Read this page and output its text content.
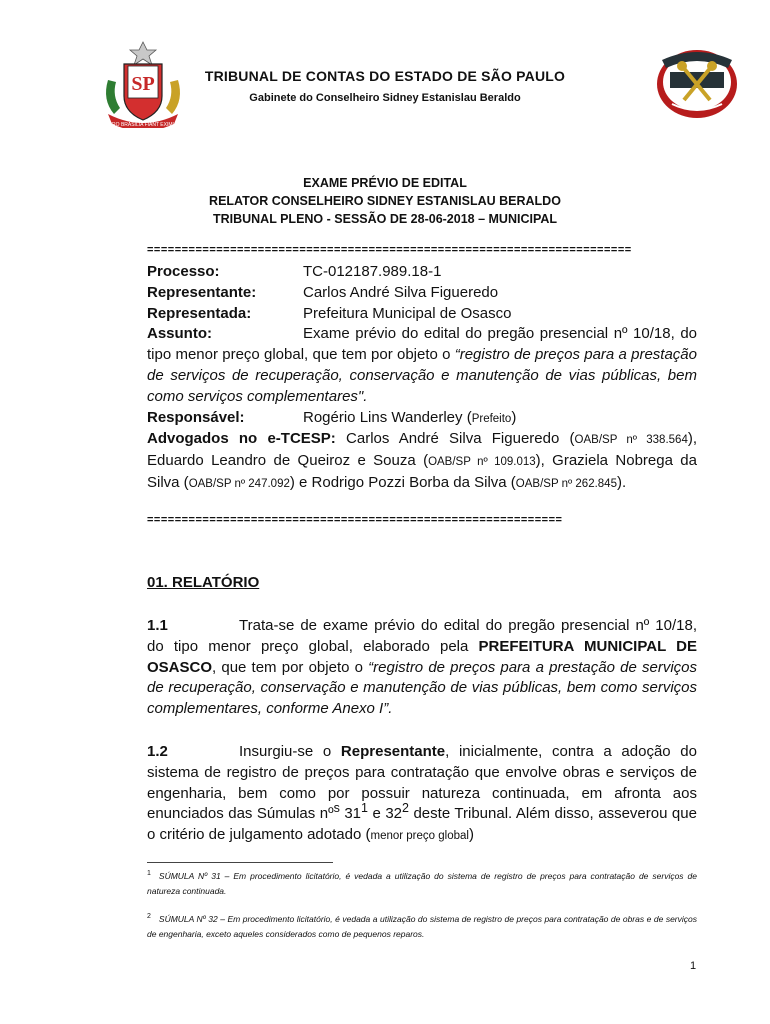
SP
PRO BRASILIA FIANT EXIMIA
TRIBUNAL DE CONTAS DO ESTADO DE SÃO PAULO
Gabinete do Conselheiro Sidney Estanislau Beraldo
EXAME PRÉVIO DE EDITAL
RELATOR CONSELHEIRO SIDNEY ESTANISLAU BERALDO
TRIBUNAL PLENO - SESSÃO DE 28-06-2018 – MUNICIPAL
======================================================================
Processo:	TC-012187.989.18-1
Representante:	Carlos André Silva Figueredo
Representada:	Prefeitura Municipal de Osasco
Assunto:	Exame prévio do edital do pregão presencial nº 10/18, do tipo menor preço global, que tem por objeto o “registro de preços para a prestação de serviços de recuperação, conservação e manutenção de vias públicas, bem como serviços complementares".
Responsável:	Rogério Lins Wanderley (Prefeito)
Advogados no e-TCESP: Carlos André Silva Figueredo (OAB/SP nº 338.564), Eduardo Leandro de Queiroz e Souza (OAB/SP nº 109.013), Graziela Nobrega da Silva (OAB/SP nº 247.092) e Rodrigo Pozzi Borba da Silva (OAB/SP nº 262.845).
============================================================
01. RELATÓRIO
1.1	Trata-se de exame prévio do edital do pregão presencial nº 10/18, do tipo menor preço global, elaborado pela PREFEITURA MUNICIPAL DE OSASCO, que tem por objeto o “registro de preços para a prestação de serviços de recuperação, conservação e manutenção de vias públicas, bem como serviços complementares, conforme Anexo I”.
1.2	Insurgiu-se o Representante, inicialmente, contra a adoção do sistema de registro de preços para contratação que envolve obras e serviços de engenharia, bem como por possuir natureza continuada, em afronta aos enunciados das Súmulas nº$^s$ $31^1$ e $32^2$ deste Tribunal. Além disso, asseverou que o critério de julgamento adotado (menor preço global)
$^1$ SÚMULA Nº 31 – Em procedimento licitatório, é vedada a utilização do sistema de registro de preços para contratação de serviços de natureza continuada.
$^2$ SÚMULA Nº 32 – Em procedimento licitatório, é vedada a utilização do sistema de registro de preços para contratação de obras e de serviços de engenharia, exceto aqueles considerados como de pequenos reparos.
1
